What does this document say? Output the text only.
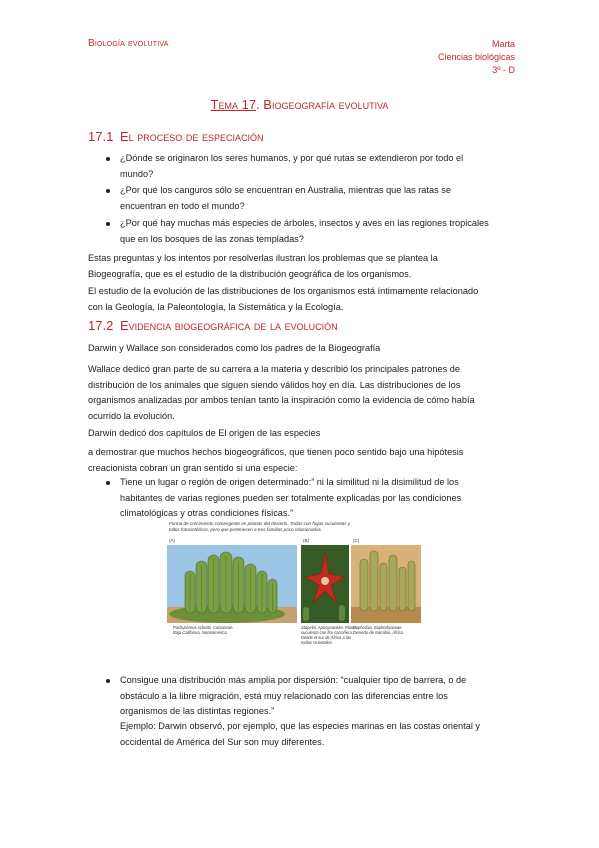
Biología evolutiva	Marta
Ciencias biológicas
3º - D
Tema 17. Biogeografía evolutiva
17.1 El proceso de especiación
¿Dónde se originaron los seres humanos, y por qué rutas se extendieron por todo el
mundo?
¿Por qué los canguros sólo se encuentran en Australia, mientras que las ratas se
encuentran en todo el mundo?
¿Por qué hay muchas más especies de árboles, insectos y aves en las regiones tropicales
que en los bosques de las zonas templadas?
Estas preguntas y los intentos por resolverlas ilustran los problemas que se plantea la
Biogeografía, que es el estudio de la distribución geográfica de los organismos.
El estudio de la evolución de las distribuciones de los organismos está íntimamente relacionado
con la Geología, la Paleontología, la Sistemática y la Ecología.
17.2 Evidencia biogeográfica de la evolución
Darwin y Wallace son considerados como los padres de la Biogeografía
Wallace dedicó gran parte de su carrera a la materia y describió los principales patrones de
distribución de los animales que siguen siendo válidos hoy en día. Las distribuciones de los
organismos analizadas por ambos tenían tanto la inspiración como la evidencia de cómo había
ocurrido la evolución.
Darwin dedicó dos capítulos de El origen de las especies
a demostrar que muchos hechos biogeográficos, que tienen poco sentido bajo una hipótesis
creacionista cobran un gran sentido si una especie:
Tiene un lugar o región de origen determinado:” ni la similitud ni la disimilitud de los
habitantes de varias regiones pueden ser totalmente explicadas por las condiciones
climatológicas y otras condiciones físicas.”
Forma de crecimiento convergente en plantas del desierto. Todas con hojas suculentas y
tallos fotosintéticos, pero que pertenecen a tres familias poco relacionadas.
(A)	(B)	(C)
Pachycereus schottii, Cactaceae.
Baja California, Norteamérica.
Stapelia, Apocynaceae. Planta
suculenta con flor carroñera.
Desde el sur de África a las
Indias Orientales.
Euphorbia, Euphorbiaceae.
Desierto de Namibia, África.
Consigue una distribución más amplia por dispersión: “cualquier tipo de barrera, o de
obstáculo a la libre migración, está muy relacionado con las diferencias entre los
organismos de las distintas regiones.”
Ejemplo: Darwin observó, por ejemplo, que las especies marinas en las costas oriental y
occidental de América del Sur son muy diferentes.
